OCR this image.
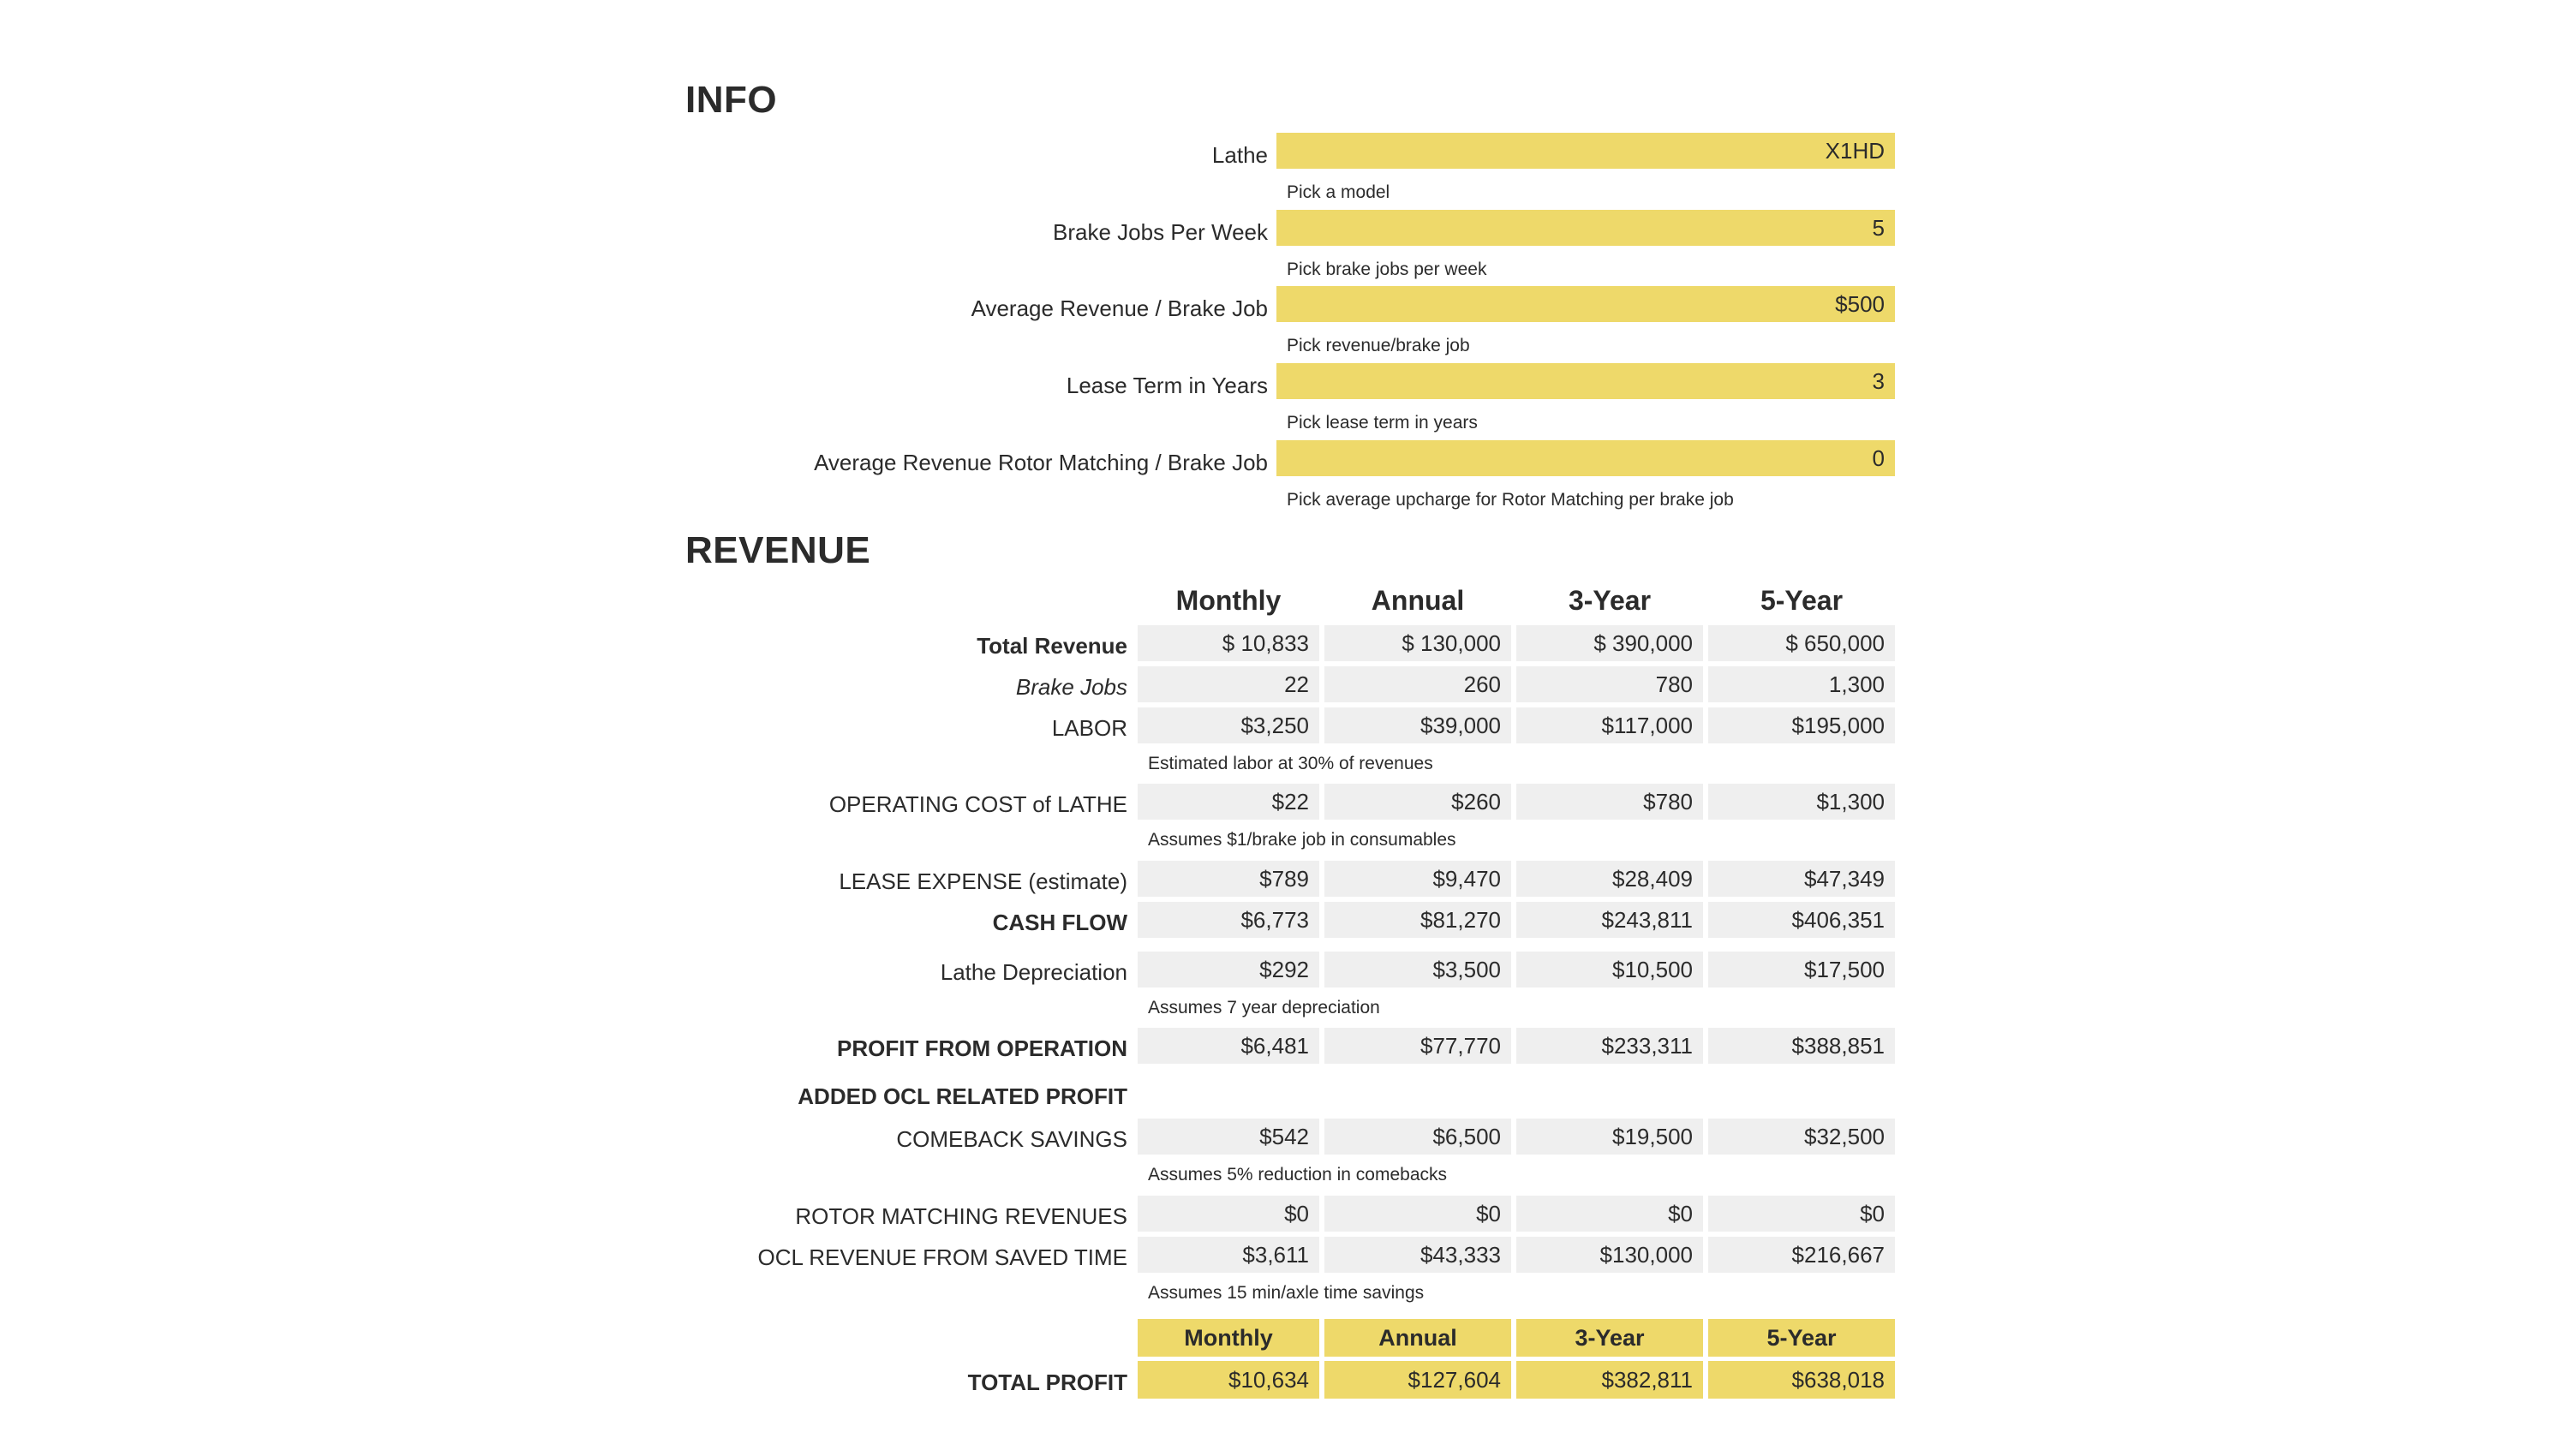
INFO
Lathe	X1HD
Pick a model
Brake Jobs Per Week	5
Pick brake jobs per week
Average Revenue / Brake Job	$500
Pick revenue/brake job
Lease Term in Years	3
Pick lease term in years
Average Revenue Rotor Matching / Brake Job	0
Pick average upcharge for Rotor Matching per brake job
REVENUE
Monthly	Annual	3-Year	5-Year
Total Revenue	$ 10,833	$ 130,000	$ 390,000	$ 650,000
Brake Jobs	22	260	780	1,300
LABOR	$3,250	$39,000	$117,000	$195,000
Estimated labor at 30% of revenues
OPERATING COST of LATHE	$22	$260	$780	$1,300
Assumes $1/brake job in consumables
LEASE EXPENSE (estimate)	$789	$9,470	$28,409	$47,349
CASH FLOW	$6,773	$81,270	$243,811	$406,351
Lathe Depreciation	$292	$3,500	$10,500	$17,500
Assumes 7 year depreciation
PROFIT FROM OPERATION	$6,481	$77,770	$233,311	$388,851
ADDED OCL RELATED PROFIT
COMEBACK SAVINGS	$542	$6,500	$19,500	$32,500
Assumes 5% reduction in comebacks
ROTOR MATCHING REVENUES	$0	$0	$0	$0
OCL REVENUE FROM SAVED TIME	$3,611	$43,333	$130,000	$216,667
Assumes 15 min/axle time savings
Monthly	Annual	3-Year	5-Year
TOTAL PROFIT	$10,634	$127,604	$382,811	$638,018
